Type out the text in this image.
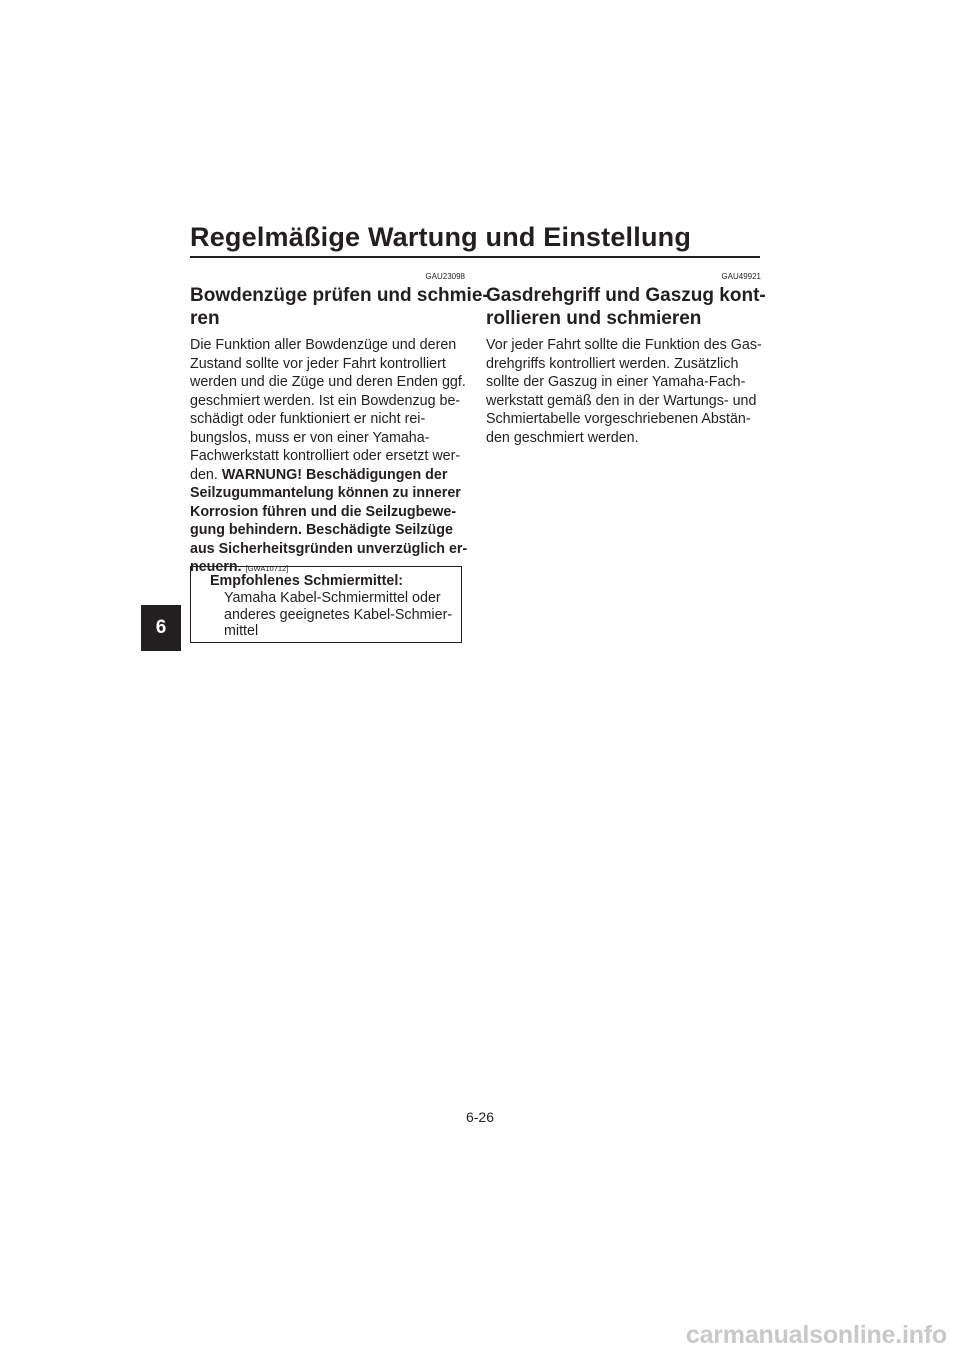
Regelmäßige Wartung und Einstellung
6
GAU23098
Bowdenzüge prüfen und schmie-
ren
Die Funktion aller Bowdenzüge und deren
Zustand sollte vor jeder Fahrt kontrolliert
werden und die Züge und deren Enden ggf.
geschmiert werden. Ist ein Bowdenzug be-
schädigt oder funktioniert er nicht rei-
bungslos, muss er von einer Yamaha-
Fachwerkstatt kontrolliert oder ersetzt wer-
den. WARNUNG! Beschädigungen der
Seilzugummantelung können zu innerer
Korrosion führen und die Seilzugbewe-
gung behindern. Beschädigte Seilzüge
aus Sicherheitsgründen unverzüglich er-
neuern. [GWA10712]
Empfohlenes Schmiermittel:
Yamaha Kabel-Schmiermittel oder
anderes geeignetes Kabel-Schmier-
mittel
GAU49921
Gasdrehgriff und Gaszug kont-
rollieren und schmieren
Vor jeder Fahrt sollte die Funktion des Gas-
drehgriffs kontrolliert werden. Zusätzlich
sollte der Gaszug in einer Yamaha-Fach-
werkstatt gemäß den in der Wartungs- und
Schmiertabelle vorgeschriebenen Abstän-
den geschmiert werden.
6-26
carmanualsonline.info
